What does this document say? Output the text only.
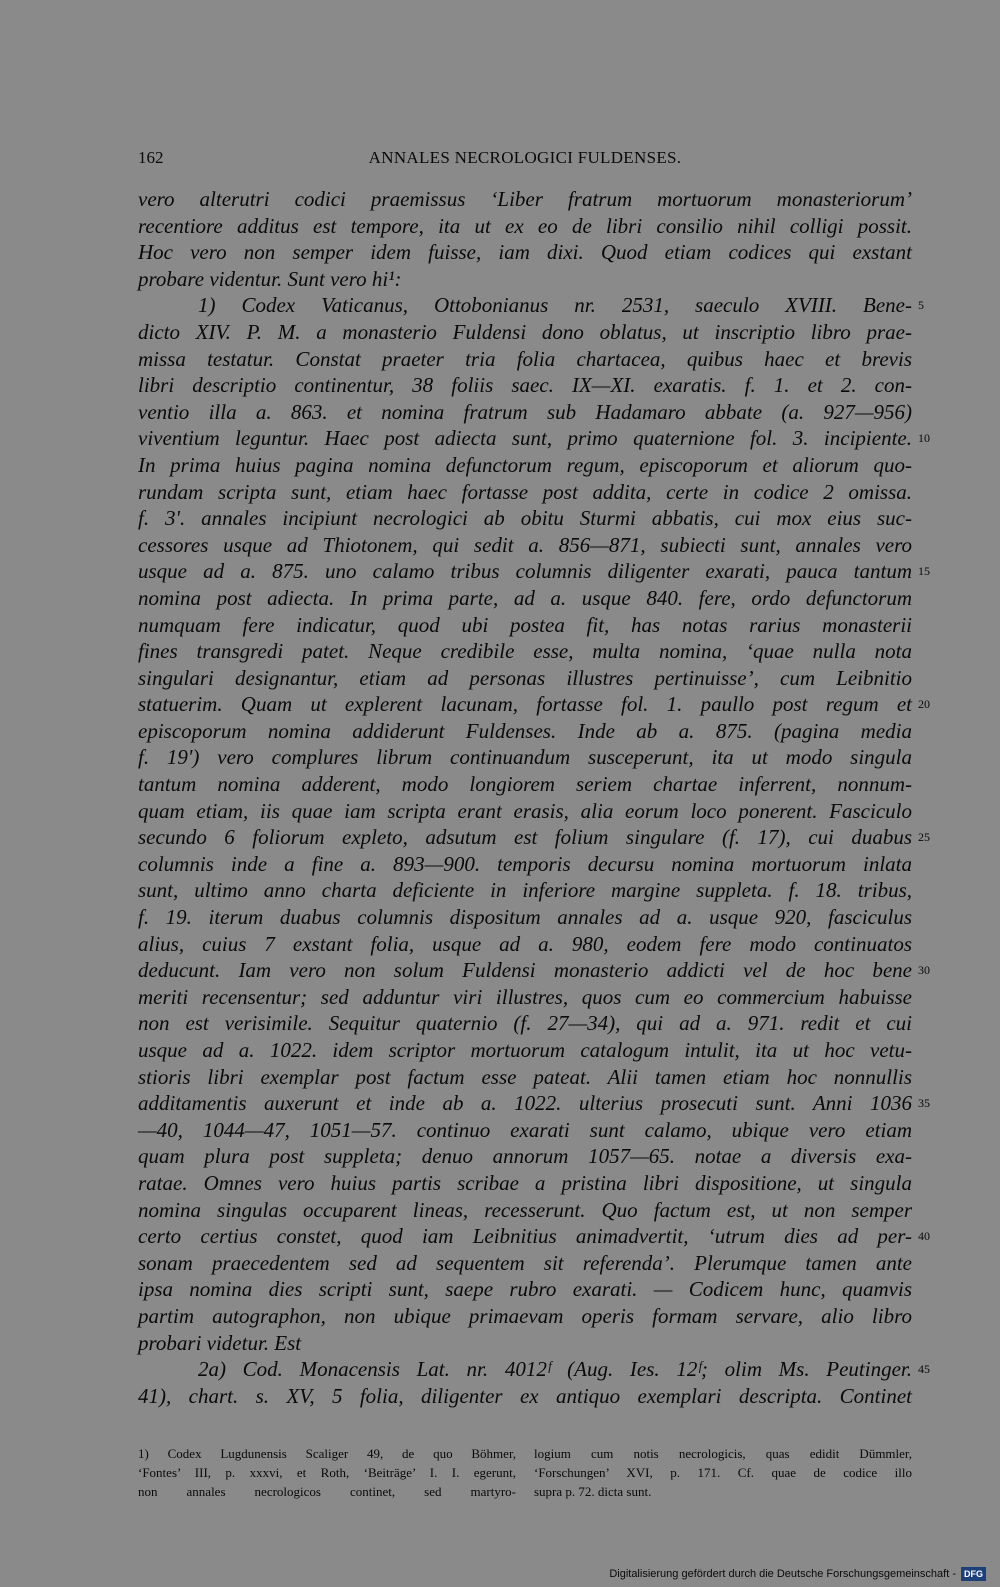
162	ANNALES NECROLOGICI FULDENSES.
vero alterutri codici praemissus ‘Liber fratrum mortuorum monasteriorum’
recentiore additus est tempore, ita ut ex eo de libri consilio nihil colligi possit.
Hoc vero non semper idem fuisse, iam dixi. Quod etiam codices qui exstant
probare videntur. Sunt vero hi¹:
1) Codex Vaticanus, Ottobonianus nr. 2531, saeculo XVIII. Bene- 5
dicto XIV. P. M. a monasterio Fuldensi dono oblatus, ut inscriptio libro prae-
missa testatur. Constat praeter tria folia chartacea, quibus haec et brevis
libri descriptio continentur, 38 foliis saec. IX—XI. exaratis. f. 1. et 2. con-
ventio illa a. 863. et nomina fratrum sub Hadamaro abbate (a. 927—956)
viventium leguntur. Haec post adiecta sunt, primo quaternione fol. 3. incipiente. 10
In prima huius pagina nomina defunctorum regum, episcoporum et aliorum quo-
rundam scripta sunt, etiam haec fortasse post addita, certe in codice 2 omissa.
f. 3'. annales incipiunt necrologici ab obitu Sturmi abbatis, cui mox eius suc-
cessores usque ad Thiotonem, qui sedit a. 856—871, subiecti sunt, annales vero
usque ad a. 875. uno calamo tribus columnis diligenter exarati, pauca tantum 15
nomina post adiecta. In prima parte, ad a. usque 840. fere, ordo defunctorum
numquam fere indicatur, quod ubi postea fit, has notas rarius monasterii
fines transgredi patet. Neque credibile esse, multa nomina, ‘quae nulla nota
singulari designantur, etiam ad personas illustres pertinuisse’, cum Leibnitio
statuerim. Quam ut explerent lacunam, fortasse fol. 1. paullo post regum et 20
episcoporum nomina addiderunt Fuldenses. Inde ab a. 875. (pagina media
f. 19') vero complures librum continuandum susceperunt, ita ut modo singula
tantum nomina adderent, modo longiorem seriem chartae inferrent, nonnum-
quam etiam, iis quae iam scripta erant erasis, alia eorum loco ponerent. Fasciculo
secundo 6 foliorum expleto, adsutum est folium singulare (f. 17), cui duabus 25
columnis inde a fine a. 893—900. temporis decursu nomina mortuorum inlata
sunt, ultimo anno charta deficiente in inferiore margine suppleta. f. 18. tribus,
f. 19. iterum duabus columnis dispositum annales ad a. usque 920, fasciculus
alius, cuius 7 exstant folia, usque ad a. 980, eodem fere modo continuatos
deducunt. Iam vero non solum Fuldensi monasterio addicti vel de hoc bene 30
meriti recensentur; sed adduntur viri illustres, quos cum eo commercium habuisse
non est verisimile. Sequitur quaternio (f. 27—34), qui ad a. 971. redit et cui
usque ad a. 1022. idem scriptor mortuorum catalogum intulit, ita ut hoc vetu-
stioris libri exemplar post factum esse pateat. Alii tamen etiam hoc nonnullis
additamentis auxerunt et inde ab a. 1022. ulterius prosecuti sunt. Anni 1036 35
—40, 1044—47, 1051—57. continuo exarati sunt calamo, ubique vero etiam
quam plura post suppleta; denuo annorum 1057—65. notae a diversis exa-
ratae. Omnes vero huius partis scribae a pristina libri dispositione, ut singula
nomina singulas occuparent lineas, recesserunt. Quo factum est, ut non semper
certo certius constet, quod iam Leibnitius animadvertit, ‘utrum dies ad per- 40
sonam praecedentem sed ad sequentem sit referenda’. Plerumque tamen ante
ipsa nomina dies scripti sunt, saepe rubro exarati. — Codicem hunc, quamvis
partim autographon, non ubique primaevam operis formam servare, alio libro
probari videtur. Est
2a) Cod. Monacensis Lat. nr. 4012ᶠ (Aug. Ies. 12ᶠ; olim Ms. Peutinger. 45
41), chart. s. XV, 5 folia, diligenter ex antiquo exemplari descripta. Continet
1) Codex Lugdunensis Scaliger 49, de quo Böhmer,
‘Fontes’ III, p. xxxvi, et Roth, ‘Beiträge’ I. I. egerunt,
non annales necrologicos continet, sed martyro-
logium cum notis necrologicis, quas edidit Dümmler,
‘Forschungen’ XVI, p. 171. Cf. quae de codice illo
supra p. 72. dicta sunt.
Digitalisierung gefördert durch die Deutsche Forschungsgemeinschaft - DFG
